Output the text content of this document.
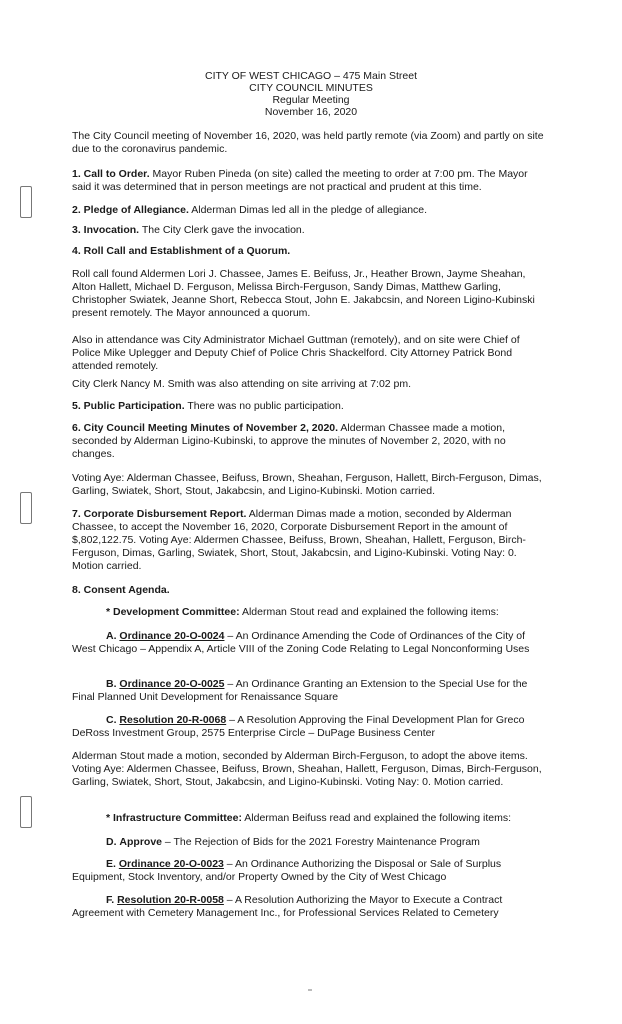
CITY OF WEST CHICAGO – 475 Main Street
CITY COUNCIL MINUTES
Regular Meeting
November 16, 2020

The City Council meeting of November 16, 2020, was held partly remote (via Zoom) and partly on site due to the coronavirus pandemic.

1. Call to Order. Mayor Ruben Pineda (on site) called the meeting to order at 7:00 pm. The Mayor said it was determined that in person meetings are not practical and prudent at this time.

2. Pledge of Allegiance. Alderman Dimas led all in the pledge of allegiance.

3. Invocation. The City Clerk gave the invocation.

4. Roll Call and Establishment of a Quorum.

Roll call found Aldermen Lori J. Chassee, James E. Beifuss, Jr., Heather Brown, Jayme Sheahan, Alton Hallett, Michael D. Ferguson, Melissa Birch-Ferguson, Sandy Dimas, Matthew Garling, Christopher Swiatek, Jeanne Short, Rebecca Stout, John E. Jakabcsin, and Noreen Ligino-Kubinski present remotely. The Mayor announced a quorum.

Also in attendance was City Administrator Michael Guttman (remotely), and on site were Chief of Police Mike Uplegger and Deputy Chief of Police Chris Shackelford. City Attorney Patrick Bond attended remotely.

City Clerk Nancy M. Smith was also attending on site arriving at 7:02 pm.

5. Public Participation. There was no public participation.

6. City Council Meeting Minutes of November 2, 2020. Alderman Chassee made a motion, seconded by Alderman Ligino-Kubinski, to approve the minutes of November 2, 2020, with no changes.

Voting Aye: Alderman Chassee, Beifuss, Brown, Sheahan, Ferguson, Hallett, Birch-Ferguson, Dimas, Garling, Swiatek, Short, Stout, Jakabcsin, and Ligino-Kubinski. Motion carried.

7. Corporate Disbursement Report. Alderman Dimas made a motion, seconded by Alderman Chassee, to accept the November 16, 2020, Corporate Disbursement Report in the amount of $,802,122.75. Voting Aye: Aldermen Chassee, Beifuss, Brown, Sheahan, Hallett, Ferguson, Birch-Ferguson, Dimas, Garling, Swiatek, Short, Stout, Jakabcsin, and Ligino-Kubinski. Voting Nay: 0. Motion carried.

8. Consent Agenda.

* Development Committee: Alderman Stout read and explained the following items:

A. Ordinance 20-O-0024 – An Ordinance Amending the Code of Ordinances of the City of West Chicago – Appendix A, Article VIII of the Zoning Code Relating to Legal Nonconforming Uses

B. Ordinance 20-O-0025 – An Ordinance Granting an Extension to the Special Use for the Final Planned Unit Development for Renaissance Square

C. Resolution 20-R-0068 – A Resolution Approving the Final Development Plan for Greco DeRoss Investment Group, 2575 Enterprise Circle – DuPage Business Center

Alderman Stout made a motion, seconded by Alderman Birch-Ferguson, to adopt the above items. Voting Aye: Aldermen Chassee, Beifuss, Brown, Sheahan, Hallett, Ferguson, Dimas, Birch-Ferguson, Garling, Swiatek, Short, Stout, Jakabcsin, and Ligino-Kubinski. Voting Nay: 0. Motion carried.

* Infrastructure Committee: Alderman Beifuss read and explained the following items:

D. Approve – The Rejection of Bids for the 2021 Forestry Maintenance Program

E. Ordinance 20-O-0023 – An Ordinance Authorizing the Disposal or Sale of Surplus Equipment, Stock Inventory, and/or Property Owned by the City of West Chicago

F. Resolution 20-R-0058 – A Resolution Authorizing the Mayor to Execute a Contract Agreement with Cemetery Management Inc., for Professional Services Related to Cemetery
